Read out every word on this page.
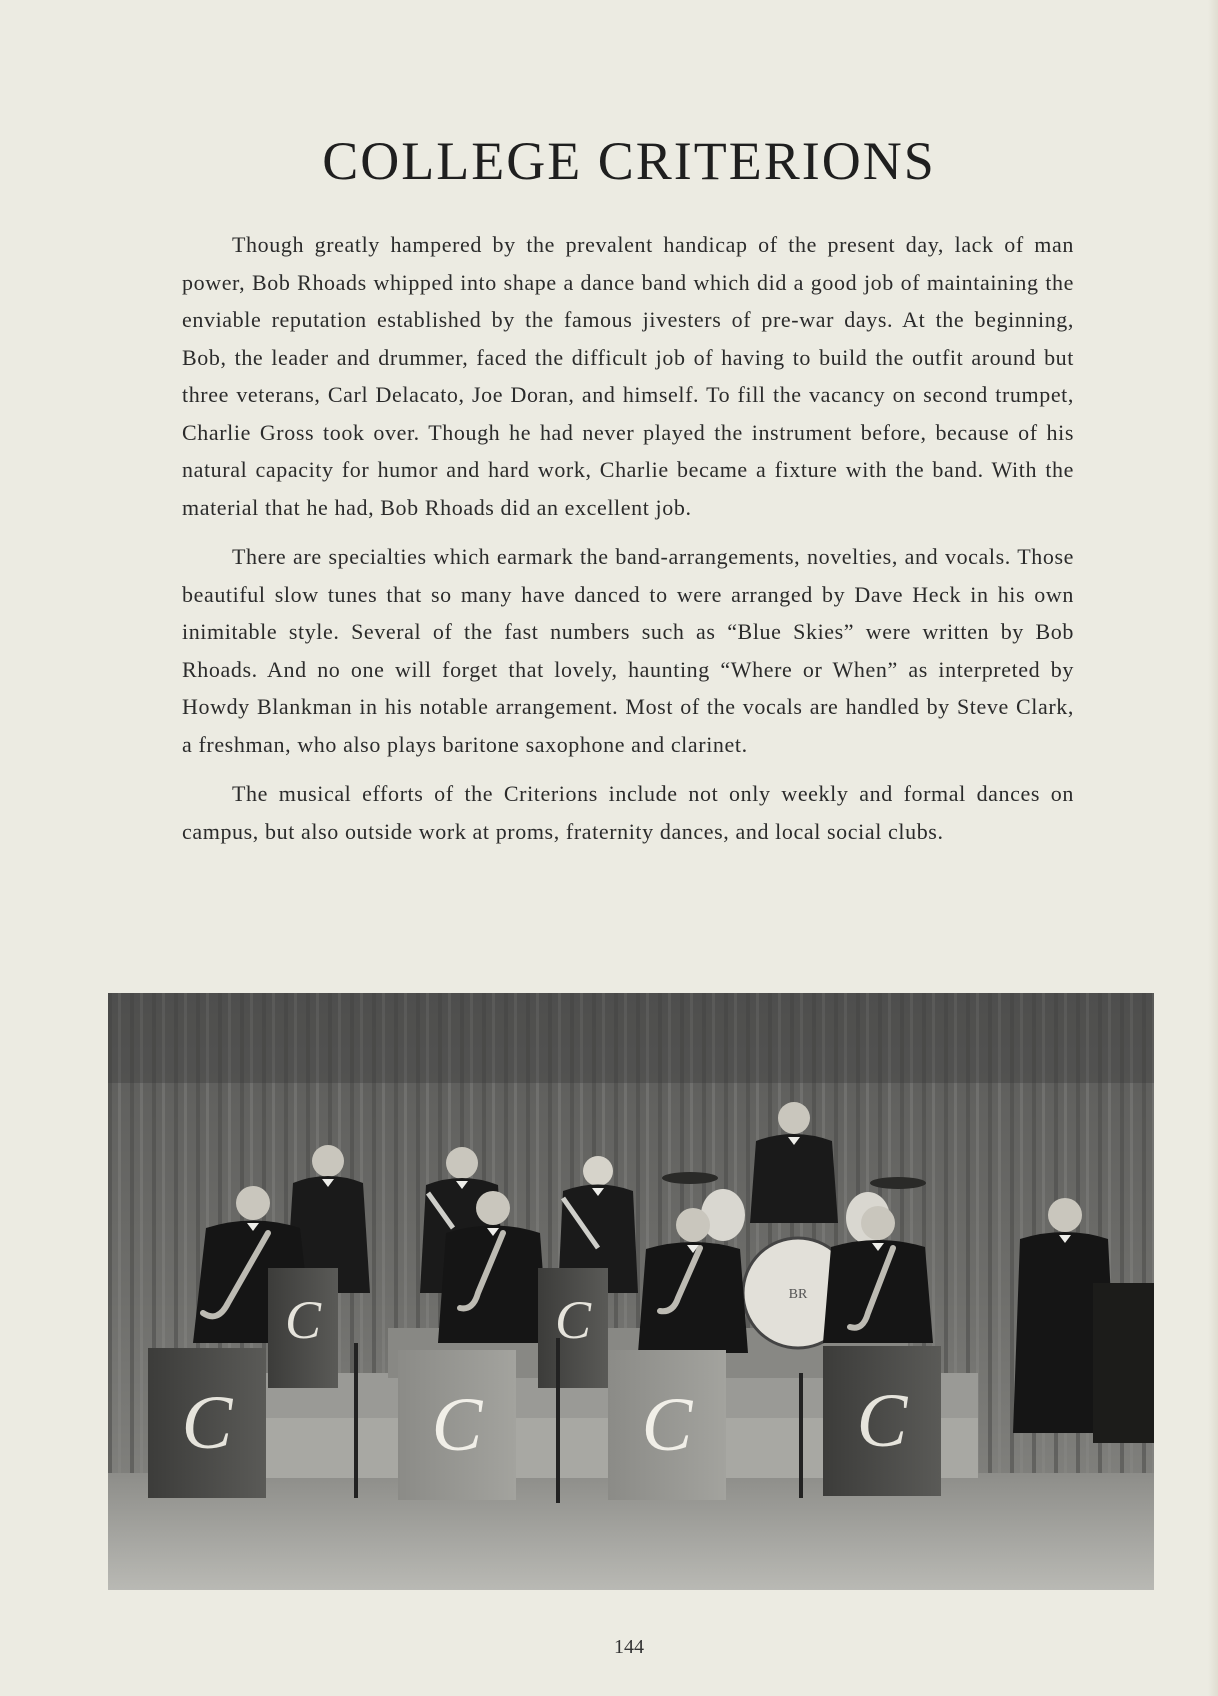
COLLEGE CRITERIONS

Though greatly hampered by the prevalent handicap of the present day, lack of man power, Bob Rhoads whipped into shape a dance band which did a good job of maintaining the enviable reputation established by the famous jivesters of pre-war days. At the beginning, Bob, the leader and drummer, faced the difficult job of having to build the outfit around but three veterans, Carl Delacato, Joe Doran, and himself. To fill the vacancy on second trumpet, Charlie Gross took over. Though he had never played the instrument before, because of his natural capacity for humor and hard work, Charlie became a fixture with the band. With the material that he had, Bob Rhoads did an excellent job.

There are specialties which earmark the band-arrangements, novelties, and vocals. Those beautiful slow tunes that so many have danced to were arranged by Dave Heck in his own inimitable style. Several of the fast numbers such as “Blue Skies” were written by Bob Rhoads. And no one will forget that lovely, haunting “Where or When” as interpreted by Howdy Blankman in his notable arrangement. Most of the vocals are handled by Steve Clark, a freshman, who also plays baritone saxophone and clarinet.

The musical efforts of the Criterions include not only weekly and formal dances on campus, but also outside work at proms, fraternity dances, and local social clubs.

BR
C	C
C	C C C
144
